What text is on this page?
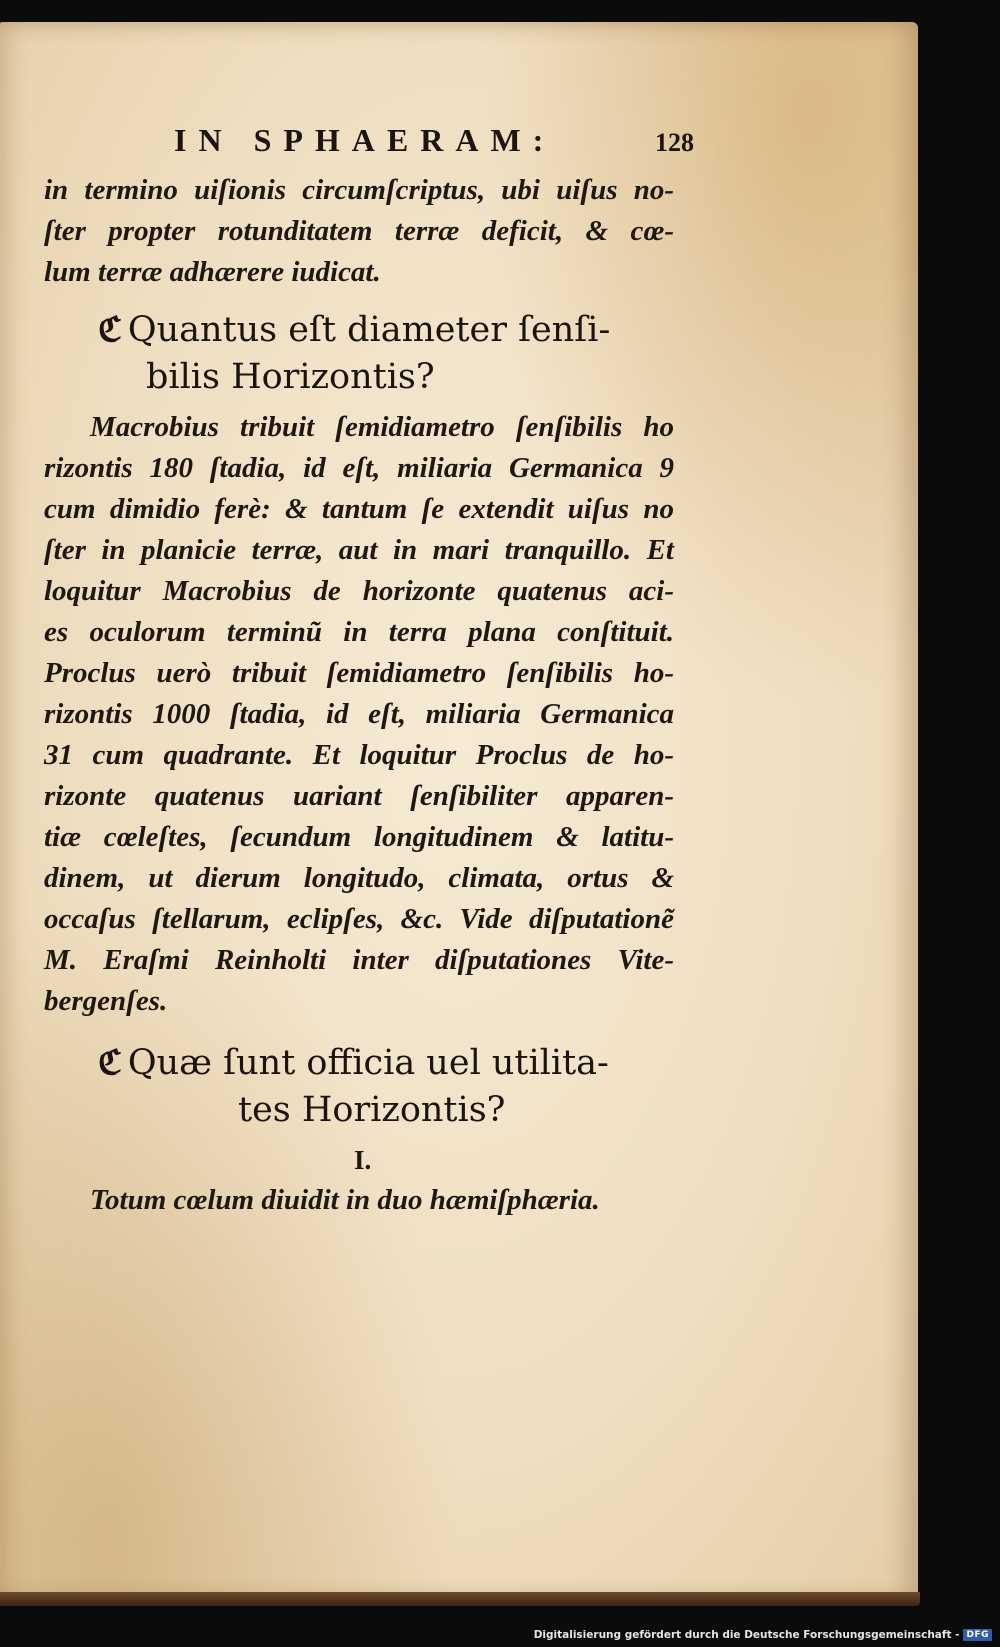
IN SPHAERAM:	128

in termino uiſionis circumſcriptus, ubi uiſus no-
ſter propter rotunditatem terræ deficit, & cœ-
lum terræ adhærere iudicat.

ℭ Quantus eſt diameter ſenſi-
bilis Horizontis?

Macrobius tribuit ſemidiametro ſenſibilis ho
rizontis 180 ſtadia, id eſt, miliaria Germanica 9
cum dimidio ferè: & tantum ſe extendit uiſus no
ſter in planicie terræ, aut in mari tranquillo. Et
loquitur Macrobius de horizonte quatenus aci-
es oculorum terminũ in terra plana conſtituit.
Proclus uerò tribuit ſemidiametro ſenſibilis ho-
rizontis 1000 ſtadia, id eſt, miliaria Germanica
31 cum quadrante. Et loquitur Proclus de ho-
rizonte quatenus uariant ſenſibiliter apparen-
tiæ cœleſtes, ſecundum longitudinem & latitu-
dinem, ut dierum longitudo, climata, ortus &
occaſus ſtellarum, eclipſes, &c. Vide diſputationẽ
M. Eraſmi Reinholti inter diſputationes Vite-
bergenſes.

ℭ Quæ ſunt officia uel utilita-
tes Horizontis?
I.

Totum cœlum diuidit in duo hæmiſphæria.

Digitalisierung gefördert durch die Deutsche Forschungsgemeinschaft - DFG
